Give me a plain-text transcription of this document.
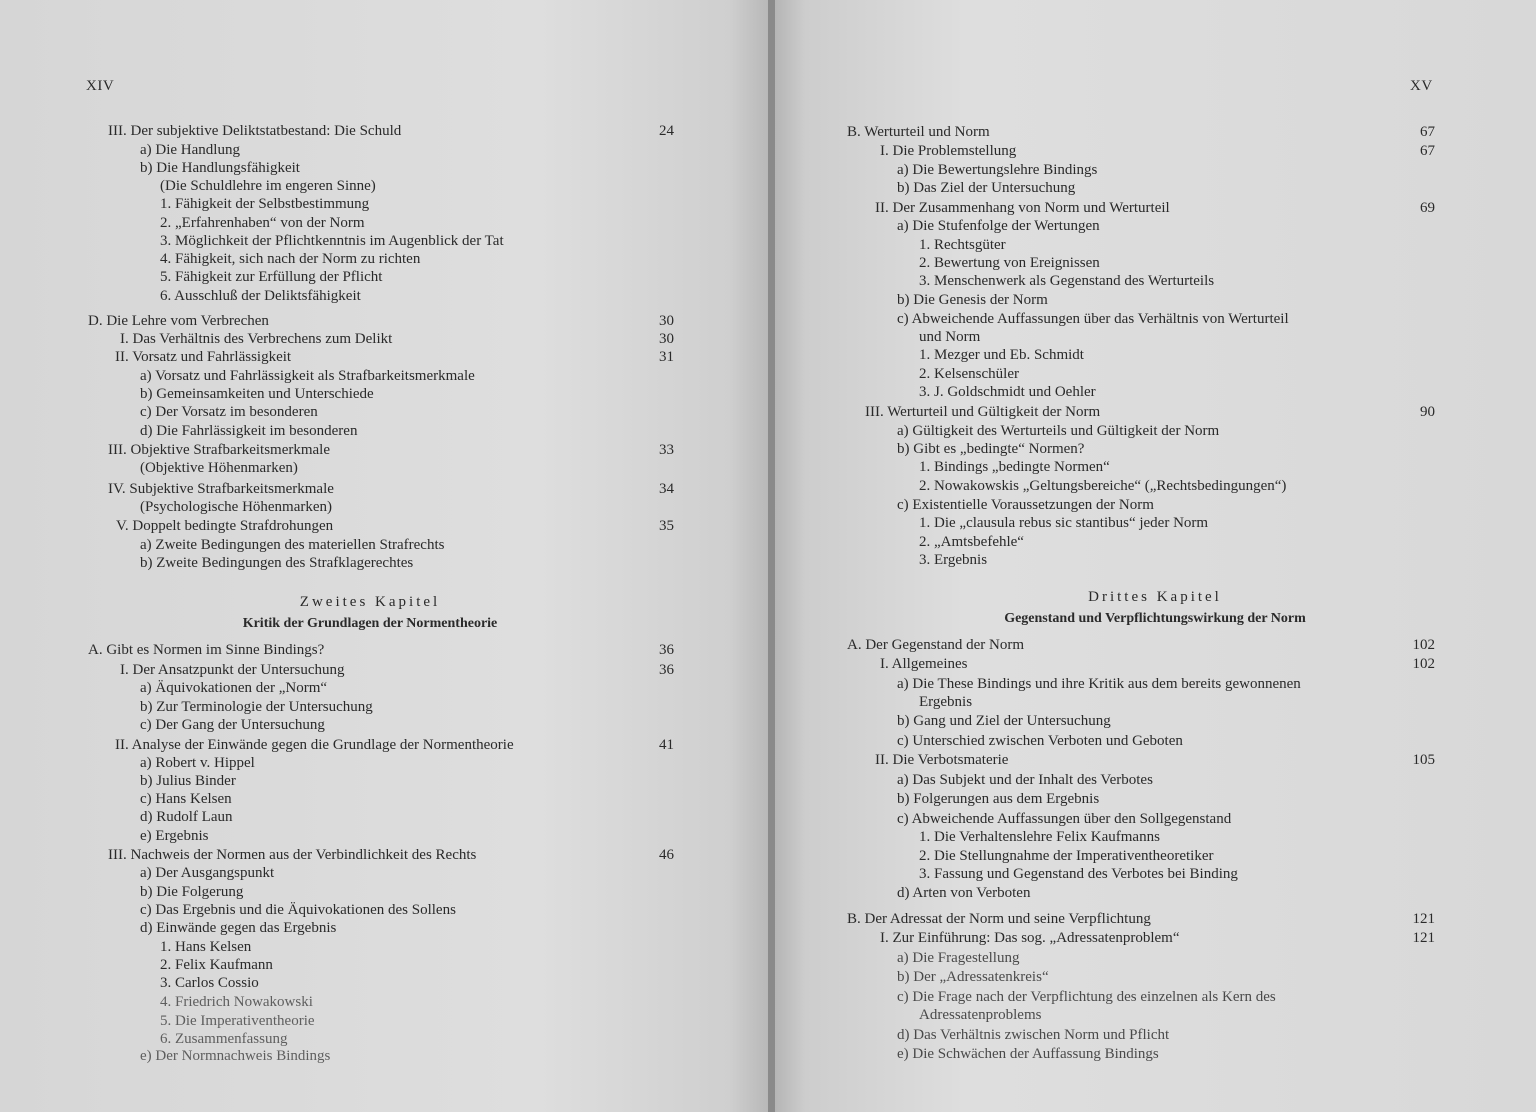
XIV
III. Der subjektive Deliktstatbestand: Die Schuld	24
a) Die Handlung
b) Die Handlungsfähigkeit
(Die Schuldlehre im engeren Sinne)
1. Fähigkeit der Selbstbestimmung
2. „Erfahrenhaben“ von der Norm
3. Möglichkeit der Pflichtkenntnis im Augenblick der Tat
4. Fähigkeit, sich nach der Norm zu richten
5. Fähigkeit zur Erfüllung der Pflicht
6. Ausschluß der Deliktsfähigkeit
D. Die Lehre vom Verbrechen	30
I. Das Verhältnis des Verbrechens zum Delikt	30
II. Vorsatz und Fahrlässigkeit	31
a) Vorsatz und Fahrlässigkeit als Strafbarkeitsmerkmale
b) Gemeinsamkeiten und Unterschiede
c) Der Vorsatz im besonderen
d) Die Fahrlässigkeit im besonderen
III. Objektive Strafbarkeitsmerkmale	33
(Objektive Höhenmarken)
IV. Subjektive Strafbarkeitsmerkmale	34
(Psychologische Höhenmarken)
V. Doppelt bedingte Strafdrohungen	35
a) Zweite Bedingungen des materiellen Strafrechts
b) Zweite Bedingungen des Strafklagerechtes
A. Gibt es Normen im Sinne Bindings?	36
I. Der Ansatzpunkt der Untersuchung	36
a) Äquivokationen der „Norm“
b) Zur Terminologie der Untersuchung
c) Der Gang der Untersuchung
II. Analyse der Einwände gegen die Grundlage der Normentheorie	41
a) Robert v. Hippel
b) Julius Binder
c) Hans Kelsen
d) Rudolf Laun
e) Ergebnis
III. Nachweis der Normen aus der Verbindlichkeit des Rechts	46
a) Der Ausgangspunkt
b) Die Folgerung
c) Das Ergebnis und die Äquivokationen des Sollens
d) Einwände gegen das Ergebnis
1. Hans Kelsen
2. Felix Kaufmann
3. Carlos Cossio
4. Friedrich Nowakowski
5. Die Imperativentheorie
6. Zusammenfassung
e) Der Normnachweis Bindings
Zweites Kapitel
Kritik der Grundlagen der Normentheorie
XV
B. Werturteil und Norm	67
I. Die Problemstellung	67
a) Die Bewertungslehre Bindings
b) Das Ziel der Untersuchung
II. Der Zusammenhang von Norm und Werturteil	69
a) Die Stufenfolge der Wertungen
1. Rechtsgüter
2. Bewertung von Ereignissen
3. Menschenwerk als Gegenstand des Werturteils
b) Die Genesis der Norm
c) Abweichende Auffassungen über das Verhältnis von Werturteil
und Norm
1. Mezger und Eb. Schmidt
2. Kelsenschüler
3. J. Goldschmidt und Oehler
III. Werturteil und Gültigkeit der Norm	90
a) Gültigkeit des Werturteils und Gültigkeit der Norm
b) Gibt es „bedingte“ Normen?
1. Bindings „bedingte Normen“
2. Nowakowskis „Geltungsbereiche“ („Rechtsbedingungen“)
c) Existentielle Voraussetzungen der Norm
1. Die „clausula rebus sic stantibus“ jeder Norm
2. „Amtsbefehle“
3. Ergebnis
A. Der Gegenstand der Norm	102
I. Allgemeines	102
a) Die These Bindings und ihre Kritik aus dem bereits gewonnenen
Ergebnis
b) Gang und Ziel der Untersuchung
c) Unterschied zwischen Verboten und Geboten
II. Die Verbotsmaterie	105
a) Das Subjekt und der Inhalt des Verbotes
b) Folgerungen aus dem Ergebnis
c) Abweichende Auffassungen über den Sollgegenstand
1. Die Verhaltenslehre Felix Kaufmanns
2. Die Stellungnahme der Imperativentheoretiker
3. Fassung und Gegenstand des Verbotes bei Binding
d) Arten von Verboten
B. Der Adressat der Norm und seine Verpflichtung	121
I. Zur Einführung: Das sog. „Adressatenproblem“	121
a) Die Fragestellung
b) Der „Adressatenkreis“
c) Die Frage nach der Verpflichtung des einzelnen als Kern des
Adressatenproblems
d) Das Verhältnis zwischen Norm und Pflicht
e) Die Schwächen der Auffassung Bindings
Drittes Kapitel
Gegenstand und Verpflichtungswirkung der Norm
